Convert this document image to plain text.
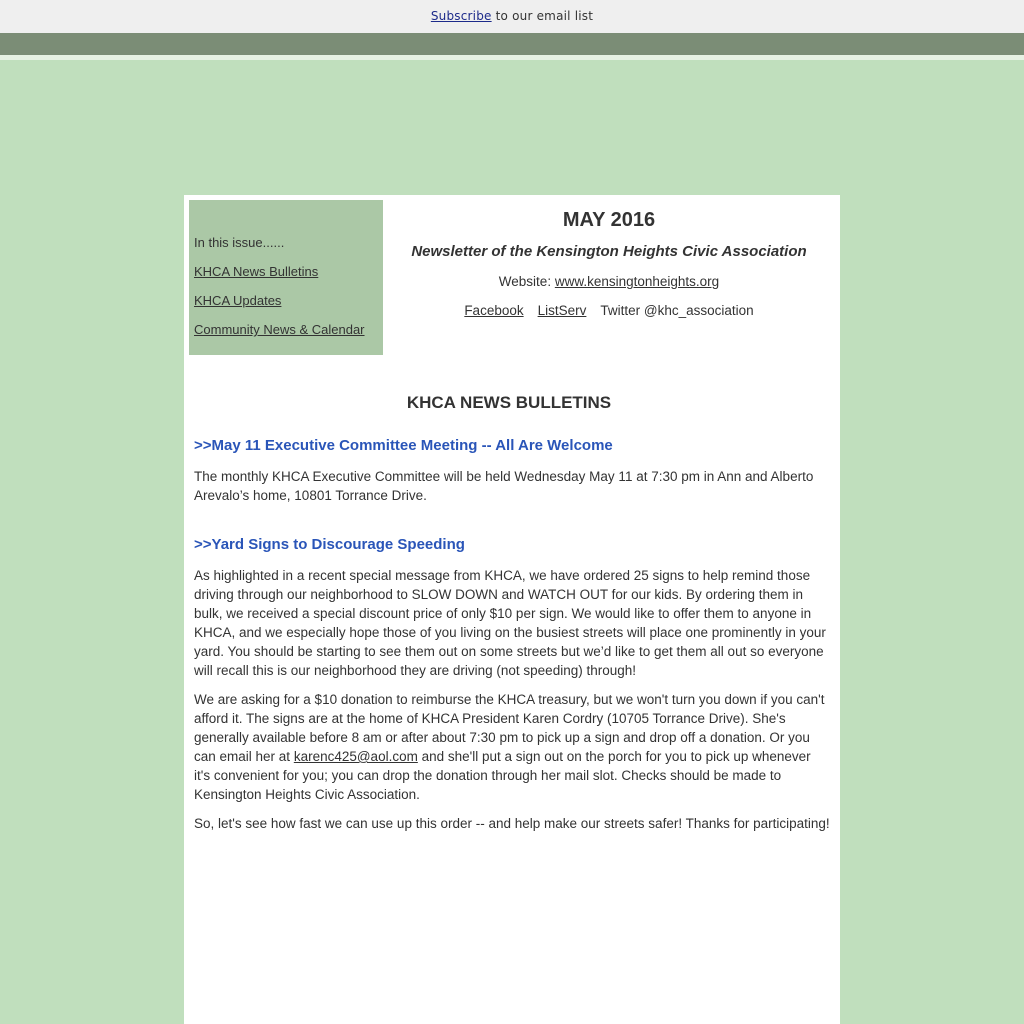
Subscribe to our email list
In this issue......
KHCA News Bulletins
KHCA Updates
Community News & Calendar
MAY 2016
Newsletter of the Kensington Heights Civic Association
Website: www.kensingtonheights.org
Facebook ListServ Twitter @khc_association
KHCA NEWS BULLETINS
>>May 11 Executive Committee Meeting -- All Are Welcome

The monthly KHCA Executive Committee will be held Wednesday May 11 at 7:30 pm in Ann and Alberto Arevalo’s home, 10801 Torrance Drive.

>>Yard Signs to Discourage Speeding

As highlighted in a recent special message from KHCA, we have ordered 25 signs to help remind those driving through our neighborhood to SLOW DOWN and WATCH OUT for our kids. By ordering them in bulk, we received a special discount price of only $10 per sign. We would like to offer them to anyone in KHCA, and we especially hope those of you living on the busiest streets will place one prominently in your yard. You should be starting to see them out on some streets but we’d like to get them all out so everyone will recall this is our neighborhood they are driving (not speeding) through!

We are asking for a $10 donation to reimburse the KHCA treasury, but we won't turn you down if you can't afford it. The signs are at the home of KHCA President Karen Cordry (10705 Torrance Drive). She's generally available before 8 am or after about 7:30 pm to pick up a sign and drop off a donation. Or you can email her at karenc425@aol.com and she'll put a sign out on the porch for you to pick up whenever it's convenient for you; you can drop the donation through her mail slot. Checks should be made to Kensington Heights Civic Association.

So, let's see how fast we can use up this order -- and help make our streets safer! Thanks for participating!
